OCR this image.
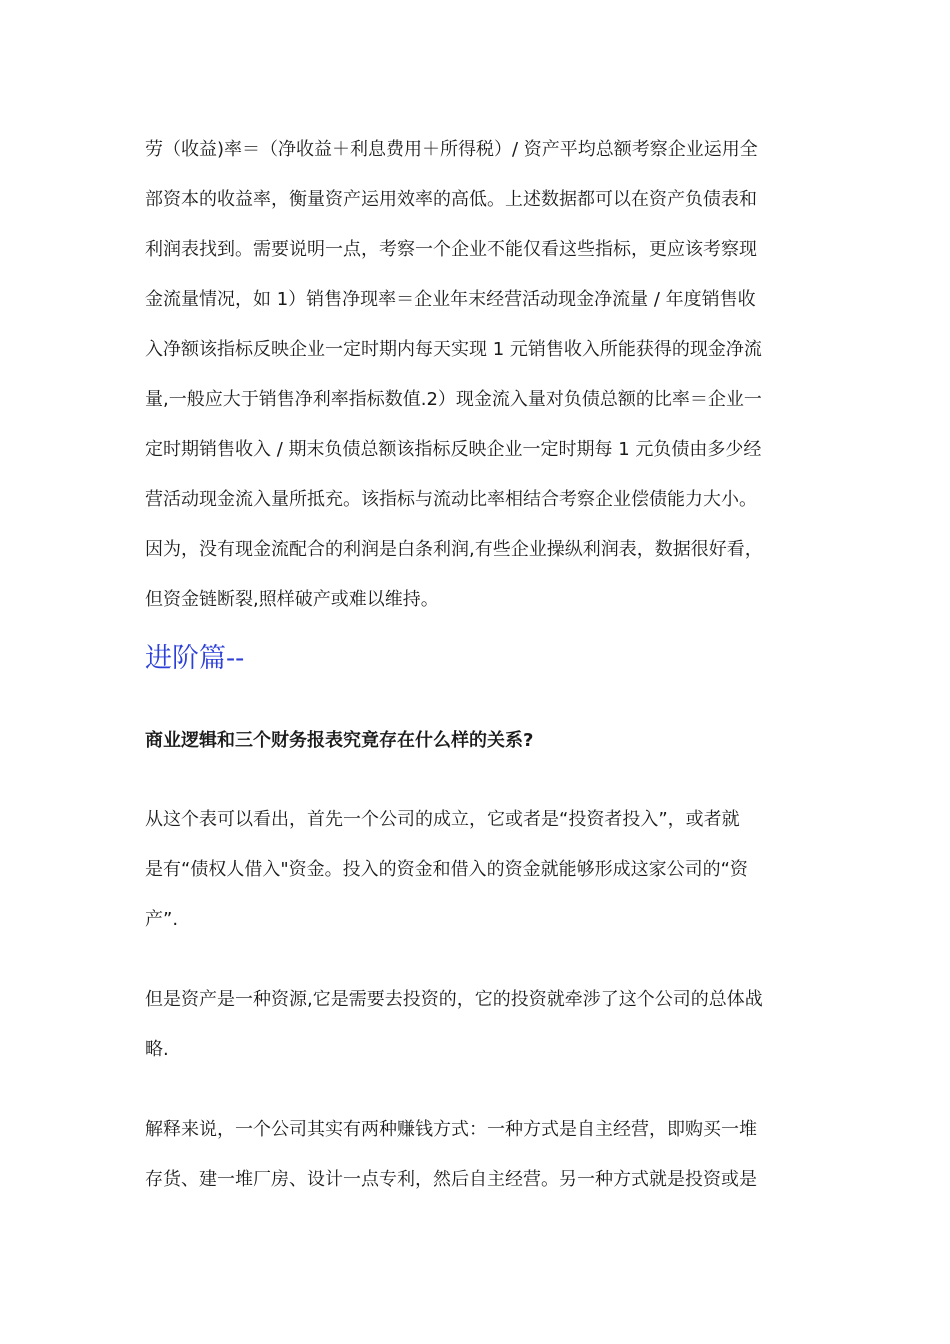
劳（收益)率＝（净收益＋利息费用＋所得税）/ 资产平均总额考察企业运用全
部资本的收益率，衡量资产运用效率的高低。上述数据都可以在资产负债表和
利润表找到。需要说明一点，考察一个企业不能仅看这些指标，更应该考察现
金流量情况，如 1）销售净现率＝企业年末经营活动现金净流量 / 年度销售收
入净额该指标反映企业一定时期内每天实现 1 元销售收入所能获得的现金净流
量,一般应大于销售净利率指标数值.2）现金流入量对负债总额的比率＝企业一
定时期销售收入 / 期末负债总额该指标反映企业一定时期每 1 元负债由多少经
营活动现金流入量所抵充。该指标与流动比率相结合考察企业偿债能力大小。
因为，没有现金流配合的利润是白条利润,有些企业操纵利润表，数据很好看，
但资金链断裂,照样破产或难以维持。
进阶篇--
商业逻辑和三个财务报表究竟存在什么样的关系?
从这个表可以看出，首先一个公司的成立，它或者是“投资者投入”，或者就
是有“债权人借入"资金。投入的资金和借入的资金就能够形成这家公司的“资
产”.
但是资产是一种资源,它是需要去投资的，它的投资就牵涉了这个公司的总体战
略.
解释来说，一个公司其实有两种赚钱方式：一种方式是自主经营，即购买一堆
存货、建一堆厂房、设计一点专利，然后自主经营。另一种方式就是投资或是
